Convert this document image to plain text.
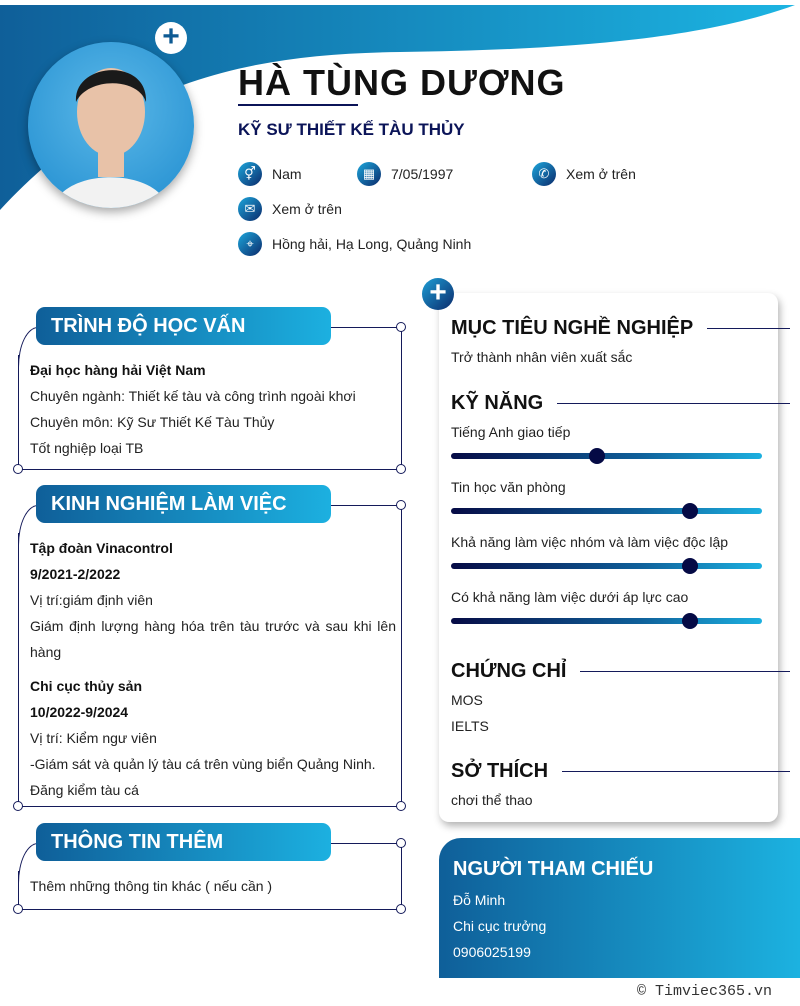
+
HÀ TÙNG DƯƠNG
KỸ SƯ THIẾT KẾ TÀU THỦY
⚥	Nam	▦	7/05/1997	✆	Xem ở trên
✉	Xem ở trên
⌖	Hồng hải, Hạ Long, Quảng Ninh
TRÌNH ĐỘ HỌC VẤN

Đại học hàng hải Việt Nam

Chuyên ngành: Thiết kế tàu và công trình ngoài khơi

Chuyên môn: Kỹ Sư Thiết Kế Tàu Thủy

Tốt nghiệp loại TB

KINH NGHIỆM LÀM VIỆC

Tập đoàn Vinacontrol

9/2021-2/2022

Vị trí:giám định viên

Giám định lượng hàng hóa trên tàu trước và sau khi lên hàng

Chi cục thủy sản

10/2022-9/2024

Vị trí: Kiểm ngư viên

-Giám sát và quản lý tàu cá trên vùng biển Quảng Ninh.

Đăng kiểm tàu cá

THÔNG TIN THÊM

Thêm những thông tin khác ( nếu cần )

MỤC TIÊU NGHỀ NGHIỆP
Trở thành nhân viên xuất sắc
KỸ NĂNG
Tiếng Anh giao tiếp
Tin học văn phòng
Khả năng làm việc nhóm và làm việc độc lập
Có khả năng làm việc dưới áp lực cao
CHỨNG CHỈ
MOS
IELTS
SỞ THÍCH
chơi thể thao
+
NGƯỜI THAM CHIẾU

Đỗ Minh

Chi cục trưởng

0906025199

© Timviec365.vn
